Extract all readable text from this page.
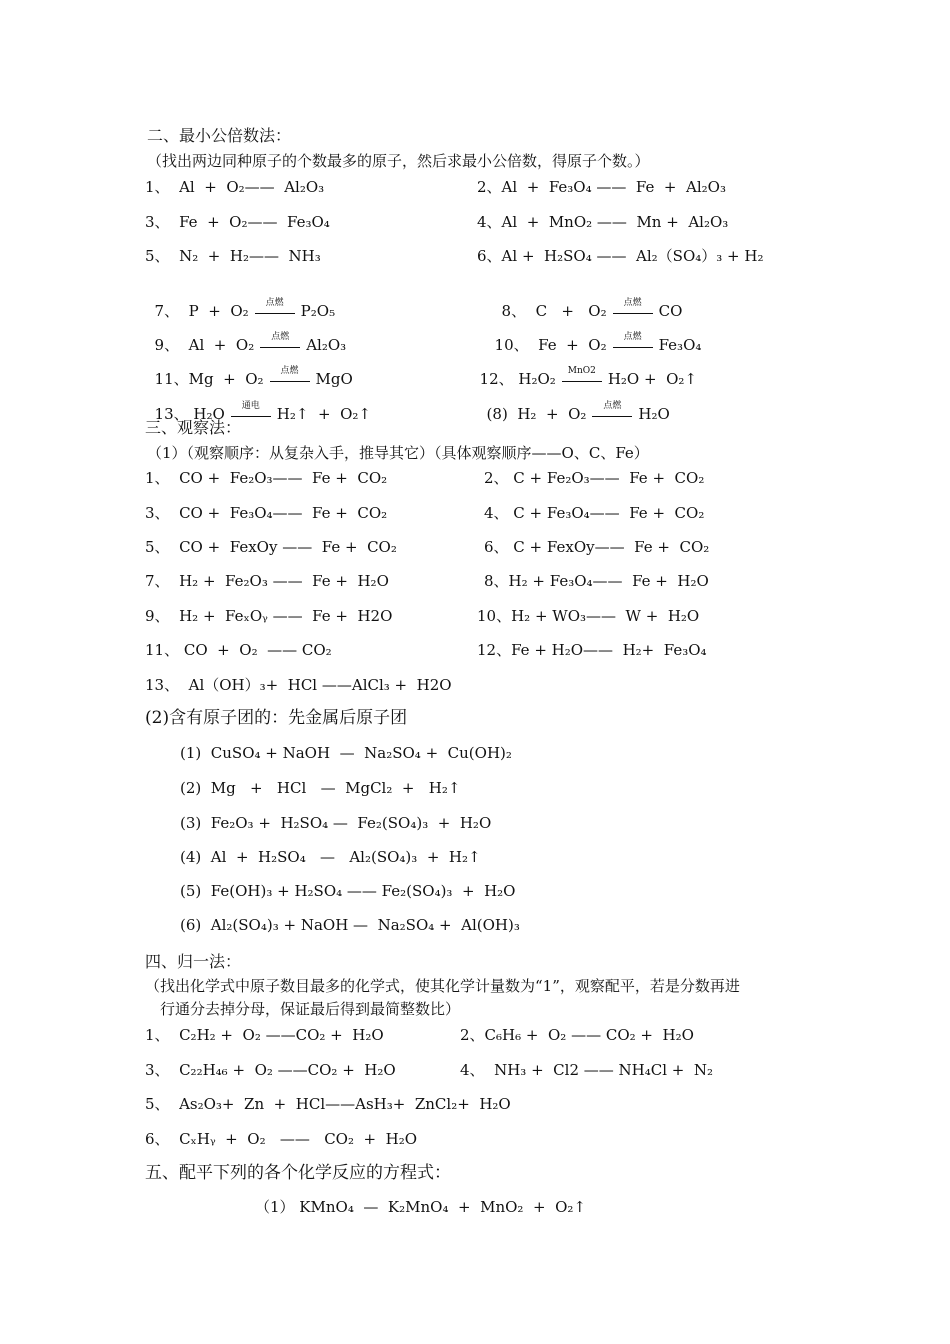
二、最小公倍数法：
（找出两边同种原子的个数最多的原子，然后求最小公倍数，得原子个数。）
1、  Al  +  O₂——  Al₂O₃	2、Al  +  Fe₃O₄ ——  Fe  +  Al₂O₃
3、  Fe  +  O₂——  Fe₃O₄	4、Al  +  MnO₂ ——  Mn +  Al₂O₃
5、  N₂  +  H₂——  NH₃	6、Al +  H₂SO₄ ——  Al₂（SO₄）₃ + H₂

7、  P  +  O₂	点燃	P₂O₅	8、  C   +   O₂	点燃	CO

9、  Al  +  O₂	点燃	Al₂O₃	10、  Fe  +  O₂	点燃	Fe₃O₄

11、Mg  +  O₂	点燃	MgO	12、 H₂O₂	MnO2 H₂O +  O₂↑

13、 H₂O	通电	H₂↑  +  O₂↑	(8)  H₂  +  O₂	点燃	H₂O

三、观察法：
（1）（观察顺序：从复杂入手，推导其它）（具体观察顺序——O、C、Fe）
1、  CO +  Fe₂O₃——  Fe +  CO₂	2、 C + Fe₂O₃——  Fe +  CO₂
3、  CO +  Fe₃O₄——  Fe +  CO₂	4、 C + Fe₃O₄——  Fe +  CO₂
5、  CO +  FexOy ——  Fe +  CO₂	6、 C + FexOy——  Fe +  CO₂
7、  H₂ +  Fe₂O₃ ——  Fe +  H₂O	8、H₂ + Fe₃O₄——  Fe +  H₂O
9、  H₂ +  FeₓOᵧ ——  Fe +  H2O	10、H₂ + WO₃——  W +  H₂O
11、 CO  +  O₂  —— CO₂	12、Fe + H₂O——  H₂+  Fe₃O₄
13、  Al（OH）₃+  HCl ——AlCl₃ +  H2O
(2)含有原子团的：先金属后原子团
(1)  CuSO₄ + NaOH  —  Na₂SO₄ +  Cu(OH)₂
(2)  Mg   +   HCl   —  MgCl₂  +   H₂↑
(3)  Fe₂O₃ +  H₂SO₄ —  Fe₂(SO₄)₃  +  H₂O
(4)  Al  +  H₂SO₄   —   Al₂(SO₄)₃  +  H₂↑
(5)  Fe(OH)₃ + H₂SO₄ —— Fe₂(SO₄)₃  +  H₂O
(6)  Al₂(SO₄)₃ + NaOH —  Na₂SO₄ +  Al(OH)₃
四、归一法：
（找出化学式中原子数目最多的化学式，使其化学计量数为“1”，观察配平，若是分数再进
行通分去掉分母，保证最后得到最简整数比）
1、  C₂H₂ +  O₂ ——CO₂ +  H₂O	2、C₆H₆ +  O₂ —— CO₂ +  H₂O
3、  C₂₂H₄₆ +  O₂ ——CO₂ +  H₂O	4、  NH₃ +  Cl2 —— NH₄Cl +  N₂
5、  As₂O₃+  Zn  +  HCl——AsH₃+  ZnCl₂+  H₂O
6、  CₓHᵧ  +  O₂   ——   CO₂  +  H₂O
五、配平下列的各个化学反应的方程式：
（1） KMnO₄  —  K₂MnO₄  +  MnO₂  +  O₂↑
